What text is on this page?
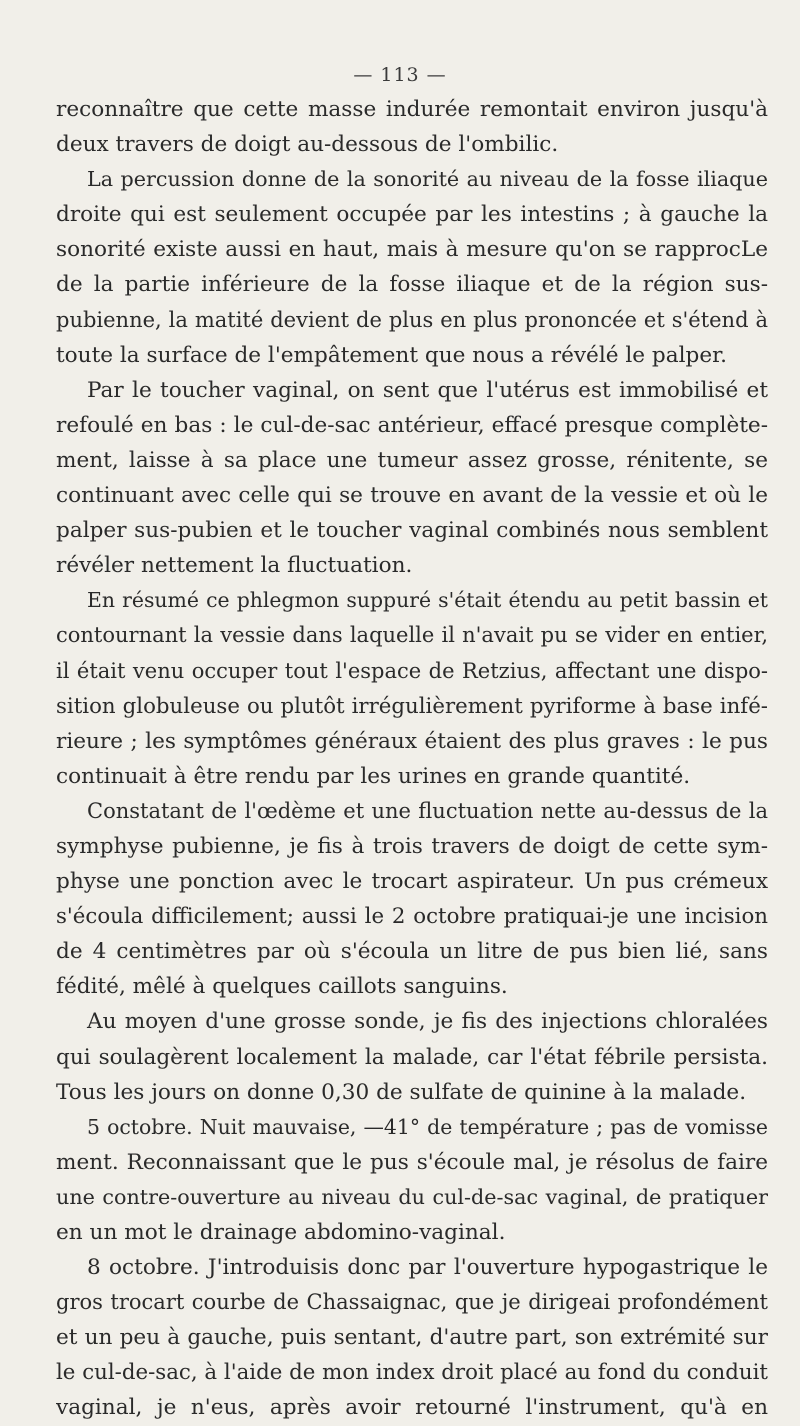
— 113 —
reconnaître que cette masse indurée remontait environ jusqu'à
deux travers de doigt au-dessous de l'ombilic.
La percussion donne de la sonorité au niveau de la fosse iliaque
droite qui est seulement occupée par les intestins ; à gauche la
sonorité existe aussi en haut, mais à mesure qu'on se rapprocLe
de la partie inférieure de la fosse iliaque et de la région sus-
pubienne, la matité devient de plus en plus prononcée et s'étend à
toute la surface de l'empâtement que nous a révélé le palper.
Par le toucher vaginal, on sent que l'utérus est immobilisé et
refoulé en bas : le cul-de-sac antérieur, effacé presque complète-
ment, laisse à sa place une tumeur assez grosse, rénitente, se
continuant avec celle qui se trouve en avant de la vessie et où le
palper sus-pubien et le toucher vaginal combinés nous semblent
révéler nettement la fluctuation.
En résumé ce phlegmon suppuré s'était étendu au petit bassin et
contournant la vessie dans laquelle il n'avait pu se vider en entier,
il était venu occuper tout l'espace de Retzius, affectant une dispo-
sition globuleuse ou plutôt irrégulièrement pyriforme à base infé-
rieure ; les symptômes généraux étaient des plus graves : le pus
continuait à être rendu par les urines en grande quantité.
Constatant de l'œdème et une fluctuation nette au-dessus de la
symphyse pubienne, je fis à trois travers de doigt de cette sym-
physe une ponction avec le trocart aspirateur. Un pus crémeux
s'écoula difficilement; aussi le 2 octobre pratiquai-je une incision
de 4 centimètres par où s'écoula un litre de pus bien lié, sans
fédité, mêlé à quelques caillots sanguins.
Au moyen d'une grosse sonde, je fis des injections chloralées
qui soulagèrent localement la malade, car l'état fébrile persista.
Tous les jours on donne 0,30 de sulfate de quinine à la malade.
5 octobre. Nuit mauvaise, —41° de température ; pas de vomisse
ment. Reconnaissant que le pus s'écoule mal, je résolus de faire
une contre-ouverture au niveau du cul-de-sac vaginal, de pratiquer
en un mot le drainage abdomino-vaginal.
8 octobre. J'introduisis donc par l'ouverture hypogastrique le
gros trocart courbe de Chassaignac, que je dirigeai profondément
et un peu à gauche, puis sentant, d'autre part, son extrémité sur
le cul-de-sac, à l'aide de mon index droit placé au fond du conduit
vaginal, je n'eus, après avoir retourné l'instrument, qu'à en
